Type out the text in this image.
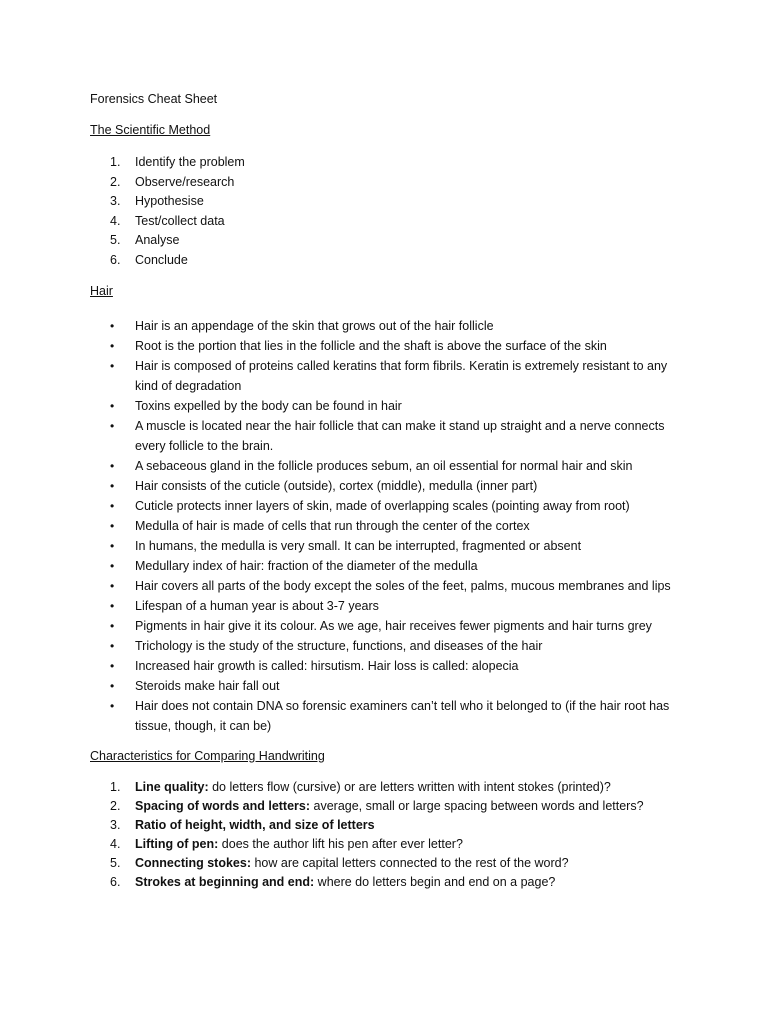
Forensics Cheat Sheet
The Scientific Method
1.	Identify the problem
2.	Observe/research
3.	Hypothesise
4.	Test/collect data
5.	Analyse
6.	Conclude
Hair
• Hair is an appendage of the skin that grows out of the hair follicle
• Root is the portion that lies in the follicle and the shaft is above the surface of the skin
• Hair is composed of proteins called keratins that form fibrils. Keratin is extremely resistant to any kind of degradation
• Toxins expelled by the body can be found in hair
• A muscle is located near the hair follicle that can make it stand up straight and a nerve connects every follicle to the brain.
• A sebaceous gland in the follicle produces sebum, an oil essential for normal hair and skin
• Hair consists of the cuticle (outside), cortex (middle), medulla (inner part)
• Cuticle protects inner layers of skin, made of overlapping scales (pointing away from root)
• Medulla of hair is made of cells that run through the center of the cortex
• In humans, the medulla is very small. It can be interrupted, fragmented or absent
• Medullary index of hair: fraction of the diameter of the medulla
• Hair covers all parts of the body except the soles of the feet, palms, mucous membranes and lips
• Lifespan of a human year is about 3-7 years
• Pigments in hair give it its colour. As we age, hair receives fewer pigments and hair turns grey
• Trichology is the study of the structure, functions, and diseases of the hair
• Increased hair growth is called: hirsutism. Hair loss is called: alopecia
• Steroids make hair fall out
• Hair does not contain DNA so forensic examiners can’t tell who it belonged to (if the hair root has tissue, though, it can be)
Characteristics for Comparing Handwriting
1.	Line quality: do letters flow (cursive) or are letters written with intent stokes (printed)?
2.	Spacing of words and letters: average, small or large spacing between words and letters?
3.	Ratio of height, width, and size of letters
4.	Lifting of pen: does the author lift his pen after ever letter?
5.	Connecting stokes: how are capital letters connected to the rest of the word?
6.	Strokes at beginning and end: where do letters begin and end on a page?
